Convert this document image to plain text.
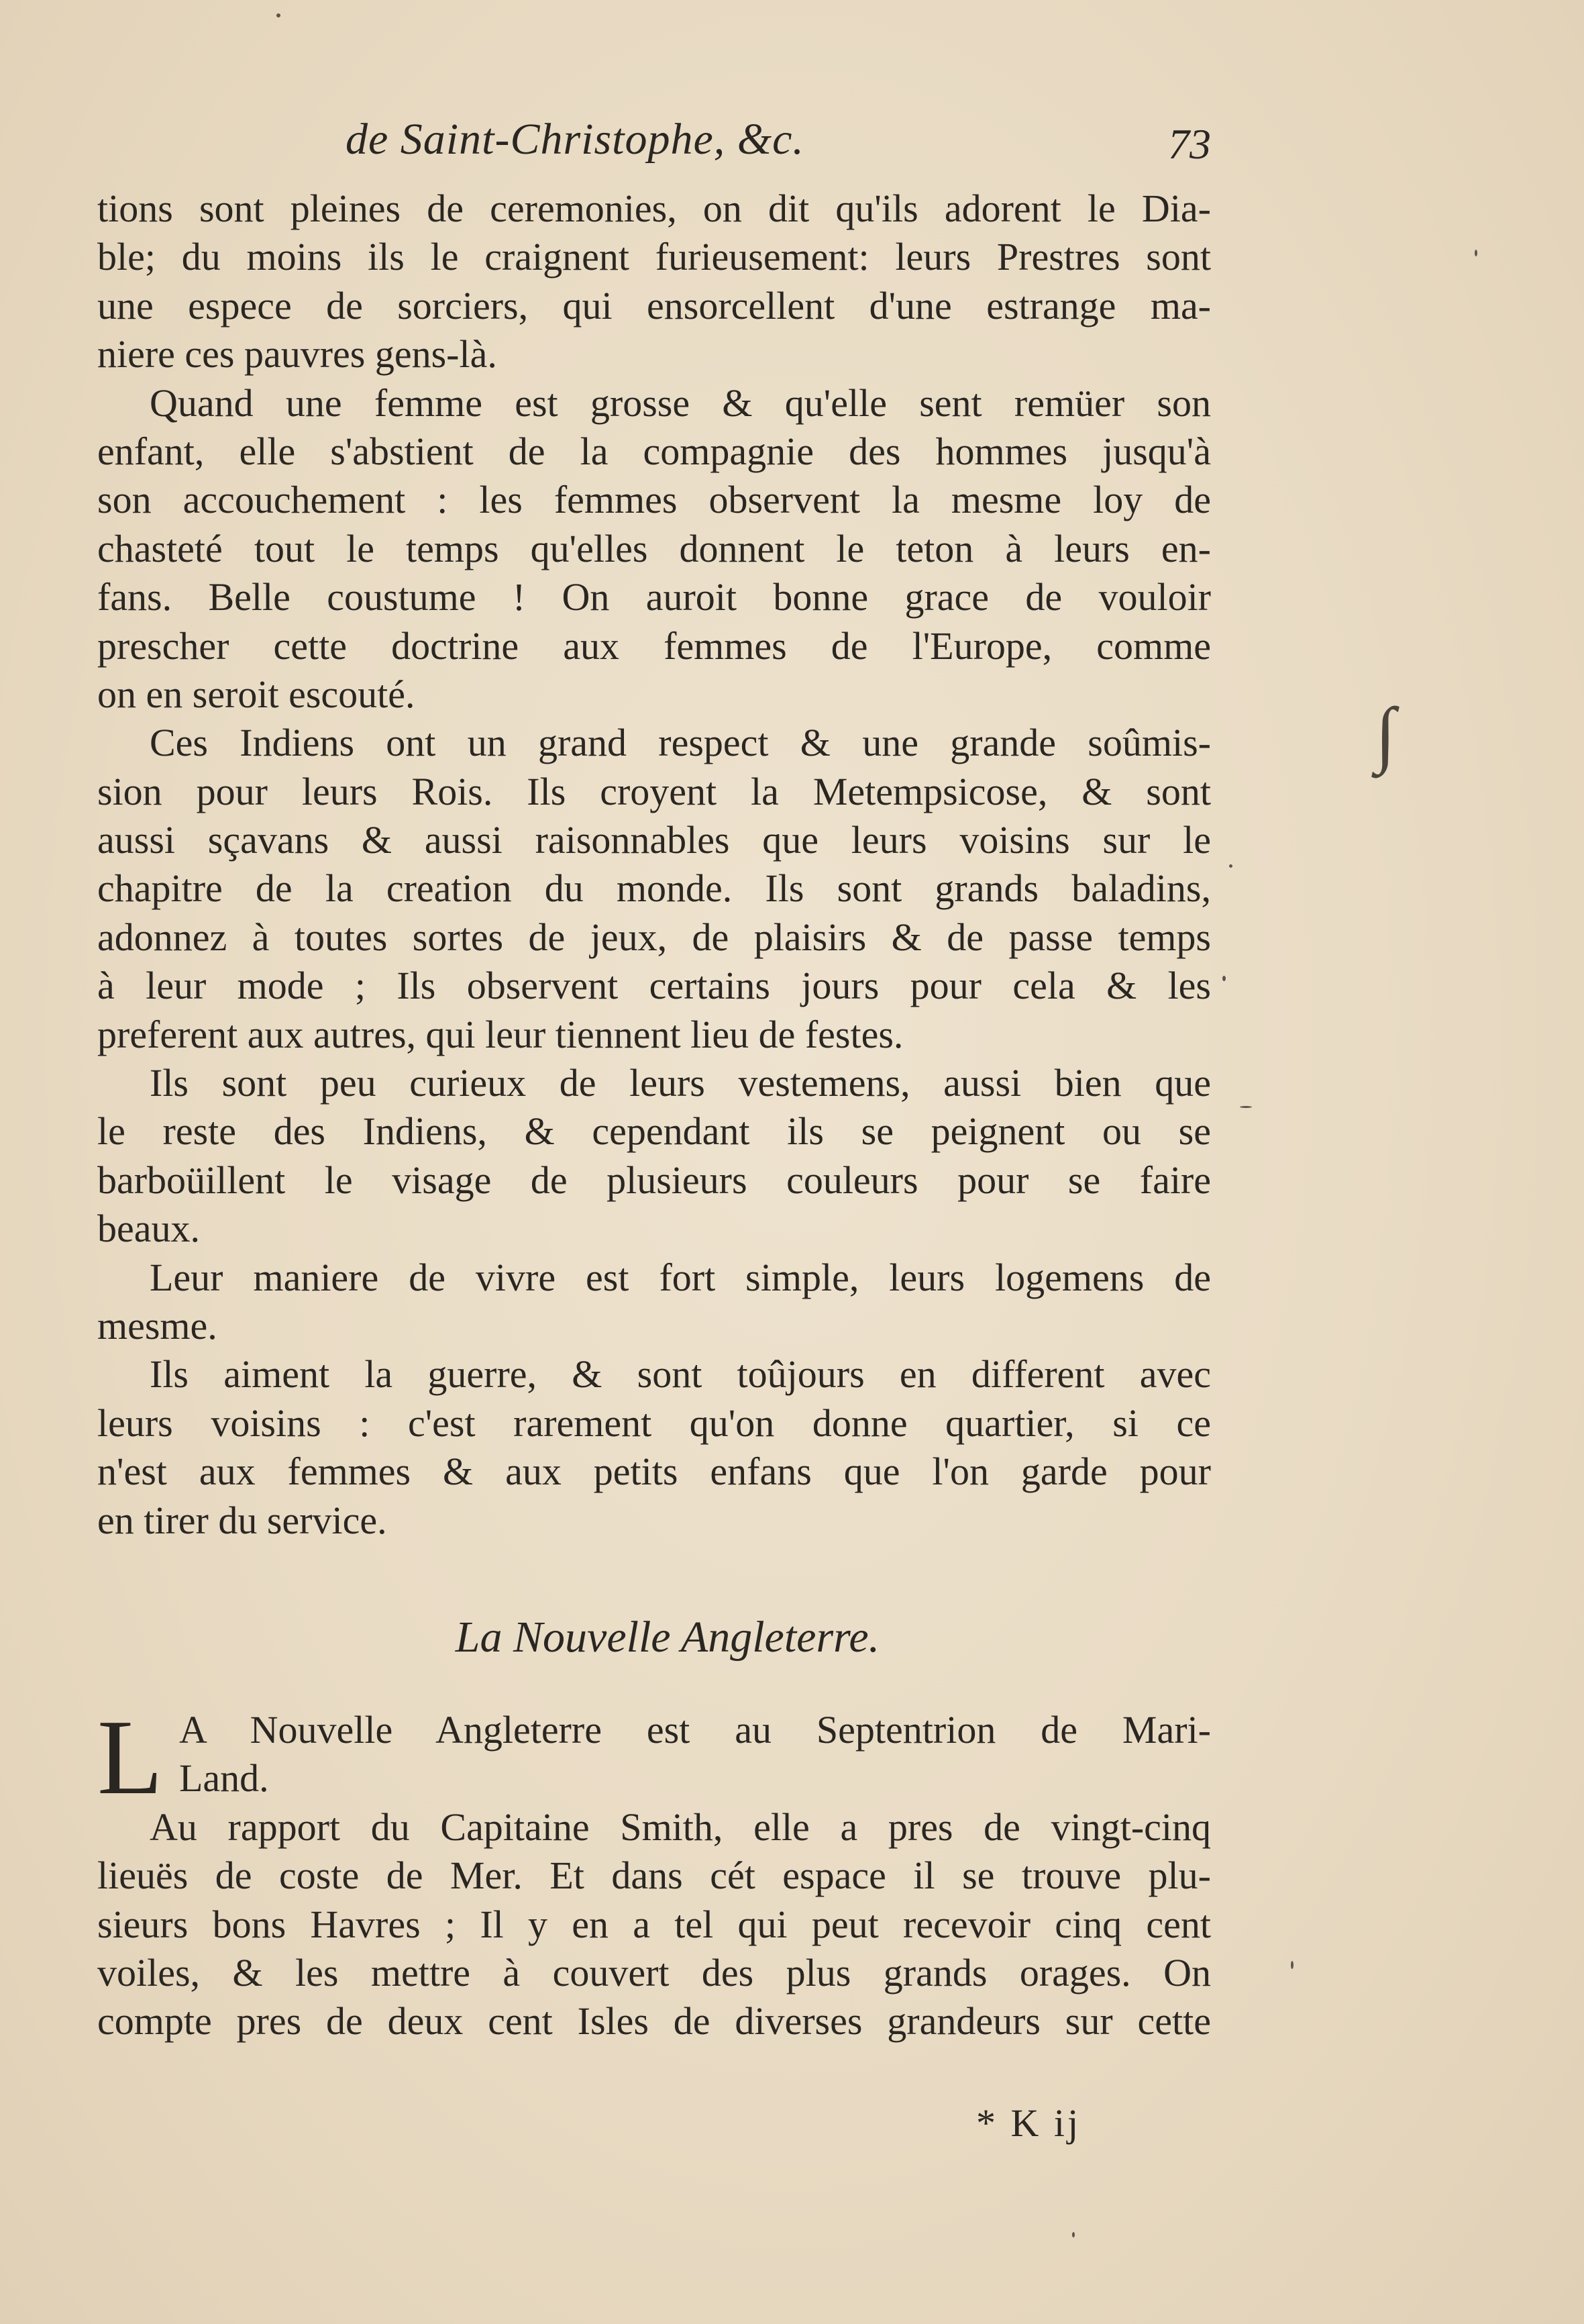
de Saint-Christophe, &c.	73
tions sont pleines de ceremonies, on dit qu'ils adorent le Dia-
ble; du moins ils le craignent furieusement: leurs Prestres sont
une espece de sorciers, qui ensorcellent d'une estrange ma-
niere ces pauvres gens-là.
Quand une femme est grosse & qu'elle sent remüer son
enfant, elle s'abstient de la compagnie des hommes jusqu'à
son accouchement : les femmes observent la mesme loy de
chasteté tout le temps qu'elles donnent le teton à leurs en-
fans. Belle coustume ! On auroit bonne grace de vouloir
prescher cette doctrine aux femmes de l'Europe, comme
on en seroit escouté.
Ces Indiens ont un grand respect & une grande soûmis-
sion pour leurs Rois. Ils croyent la Metempsicose, & sont
aussi sçavans & aussi raisonnables que leurs voisins sur le
chapitre de la creation du monde. Ils sont grands baladins,
adonnez à toutes sortes de jeux, de plaisirs & de passe temps
à leur mode ; Ils observent certains jours pour cela & les
preferent aux autres, qui leur tiennent lieu de festes.
Ils sont peu curieux de leurs vestemens, aussi bien que
le reste des Indiens, & cependant ils se peignent ou se
barboüillent le visage de plusieurs couleurs pour se faire
beaux.
Leur maniere de vivre est fort simple, leurs logemens de
mesme.
Ils aiment la guerre, & sont toûjours en different avec
leurs voisins : c'est rarement qu'on donne quartier, si ce
n'est aux femmes & aux petits enfans que l'on garde pour
en tirer du service.
La Nouvelle Angleterre.
L A Nouvelle Angleterre est au Septentrion de Mari-
Land.
Au rapport du Capitaine Smith, elle a pres de vingt-cinq
lieuës de coste de Mer. Et dans cét espace il se trouve plu-
sieurs bons Havres ; Il y en a tel qui peut recevoir cinq cent
voiles, & les mettre à couvert des plus grands orages. On
compte pres de deux cent Isles de diverses grandeurs sur cette
* K ij
∫
